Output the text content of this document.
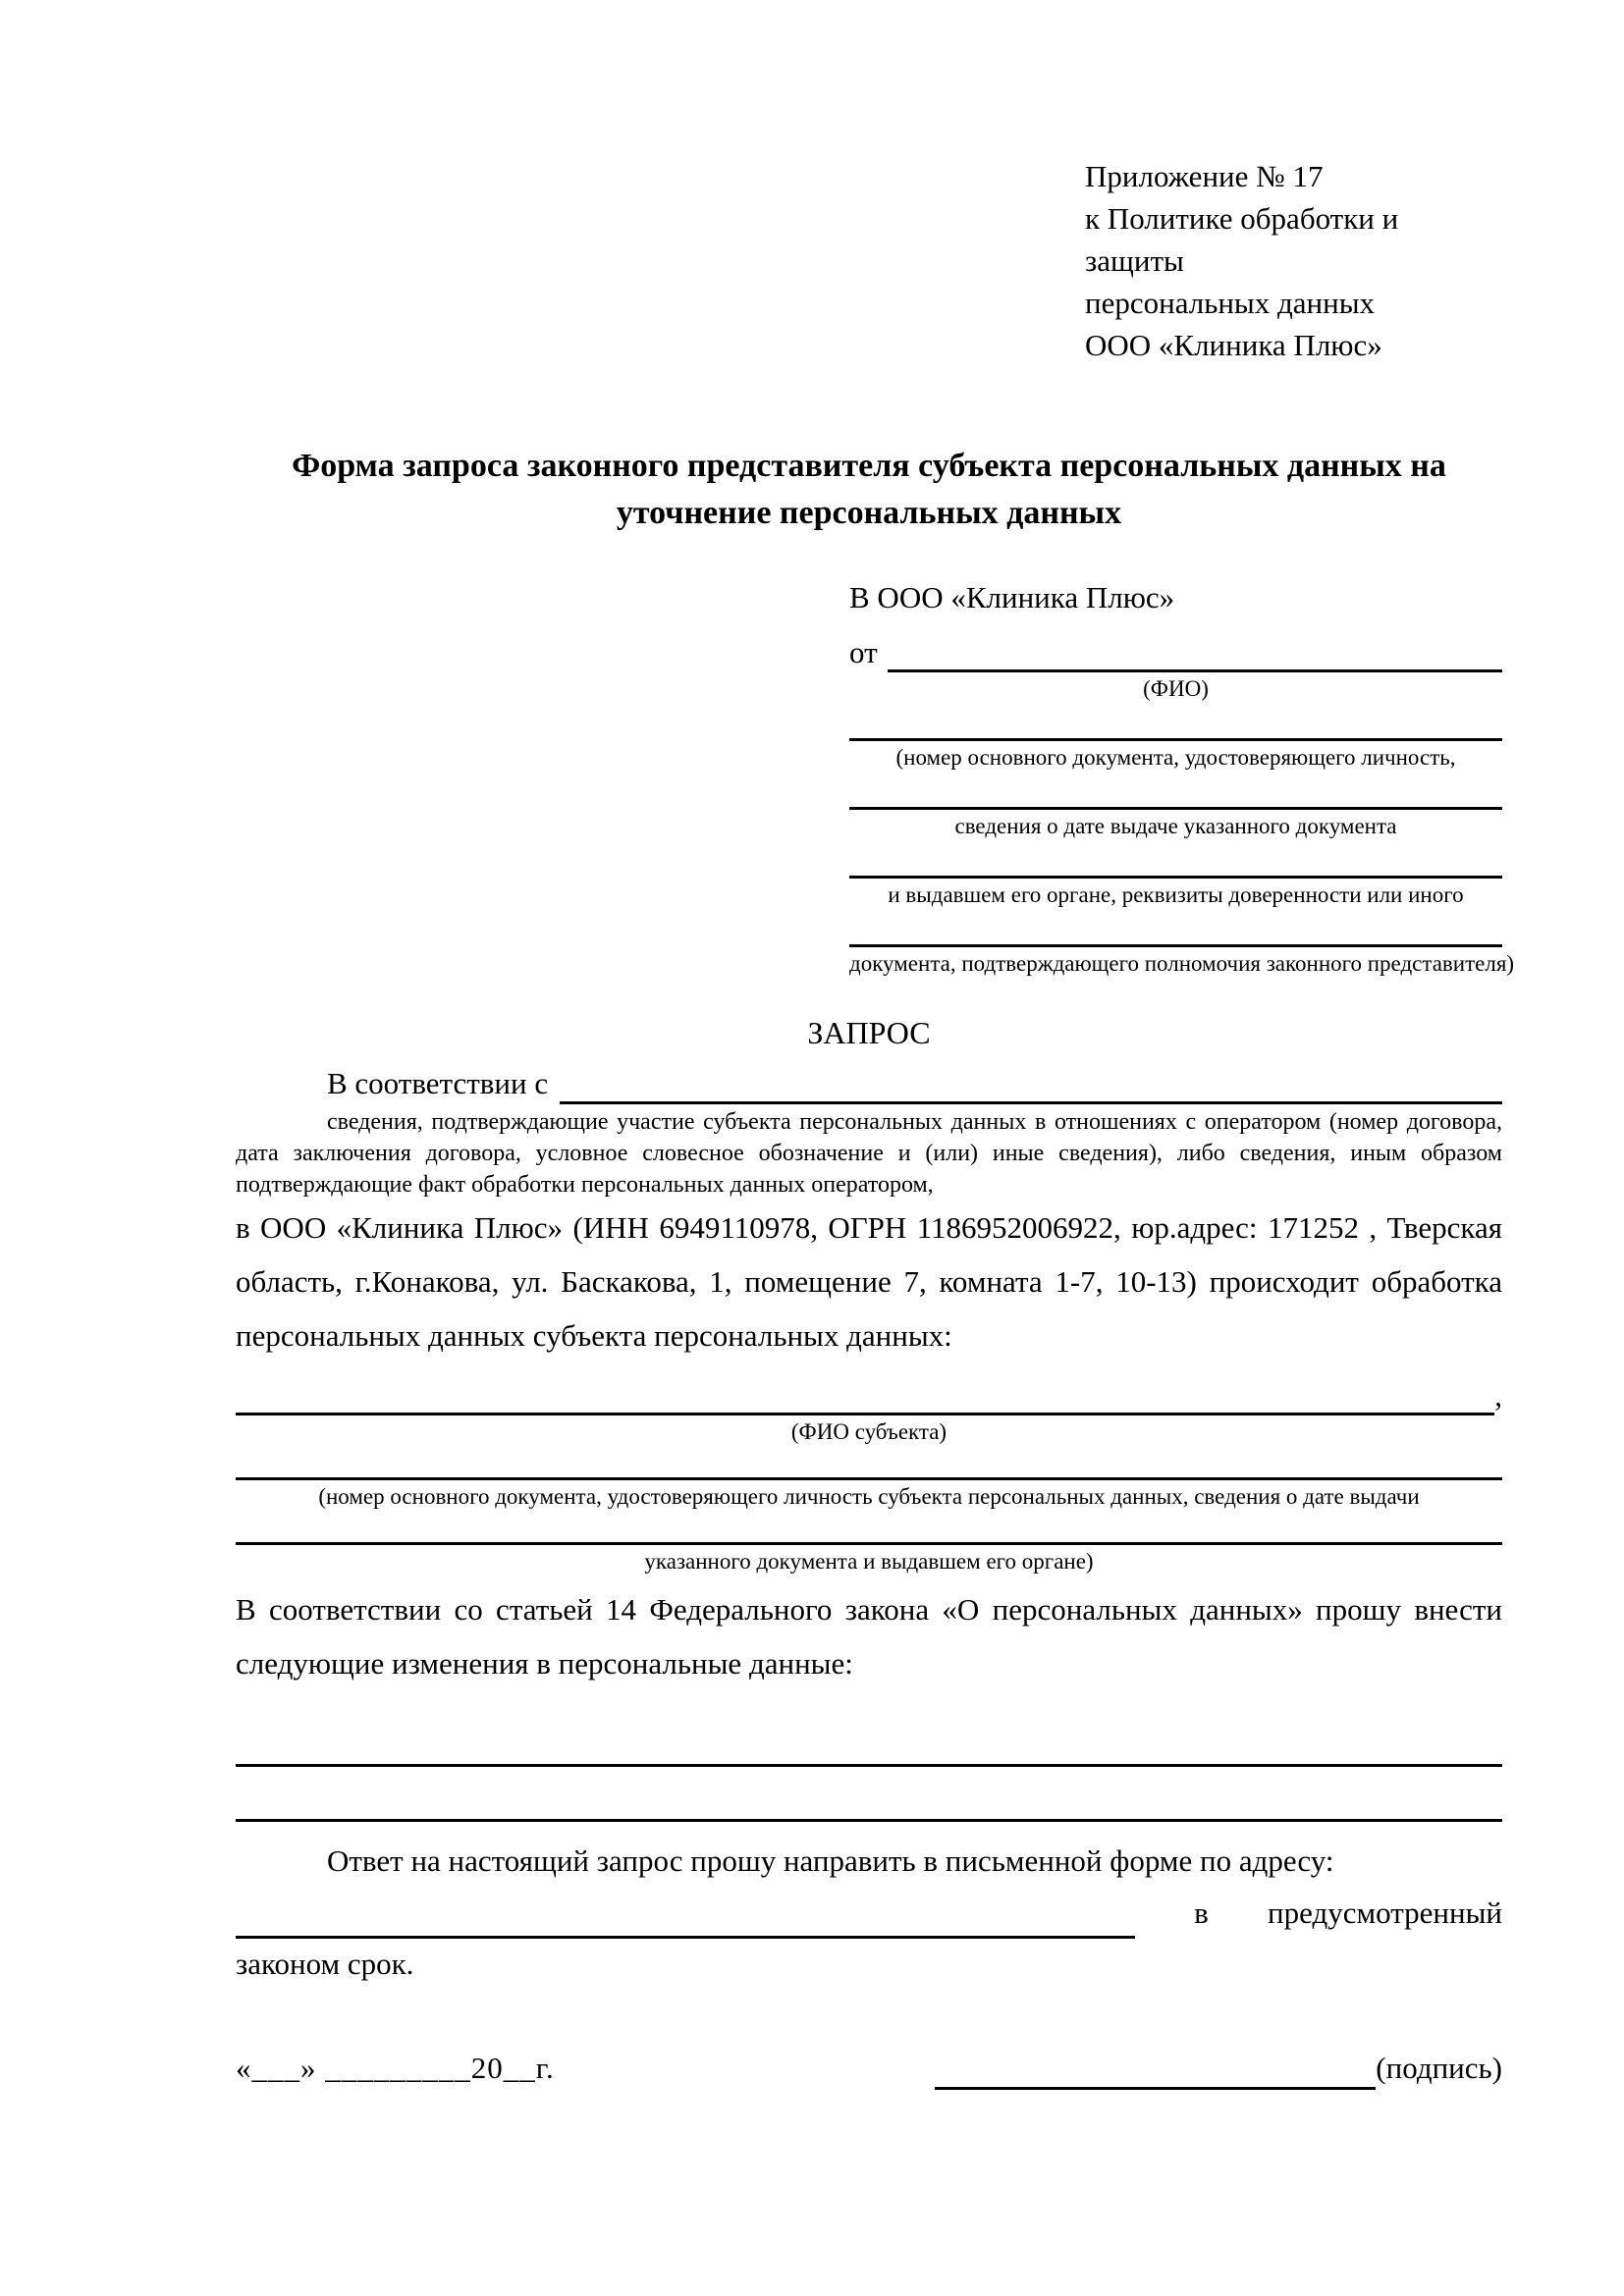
Приложение № 17
к Политике обработки и защиты
персональных данных
ООО «Клиника Плюс»
Форма запроса законного представителя субъекта персональных данных на уточнение персональных данных
В ООО «Клиника Плюс»
от
(ФИО)
(номер основного документа, удостоверяющего личность,
сведения о дате выдаче указанного документа
и выдавшем его органе, реквизиты доверенности или иного
документа, подтверждающего полномочия законного представителя)
ЗАПРОС
В соответствии с
сведения, подтверждающие участие субъекта персональных данных в отношениях с оператором (номер договора, дата заключения договора, условное словесное обозначение и (или) иные сведения), либо сведения, иным образом подтверждающие факт обработки персональных данных оператором,
в ООО «Клиника Плюс» (ИНН 6949110978, ОГРН 1186952006922, юр.адрес: 171252 , Тверская область, г.Конакова, ул. Баскакова, 1, помещение 7, комната 1-7, 10-13) происходит обработка персональных данных субъекта персональных данных:
,
(ФИО субъекта)
(номер основного документа, удостоверяющего личность субъекта персональных данных, сведения о дате выдачи
указанного документа и выдавшем его органе)
В соответствии со статьей 14 Федерального закона «О персональных данных» прошу внести следующие изменения в персональные данные:
Ответ на настоящий запрос прошу направить в письменной форме по адресу:
в предусмотренный
законом срок.
«___» _________20__г.	(подпись)
